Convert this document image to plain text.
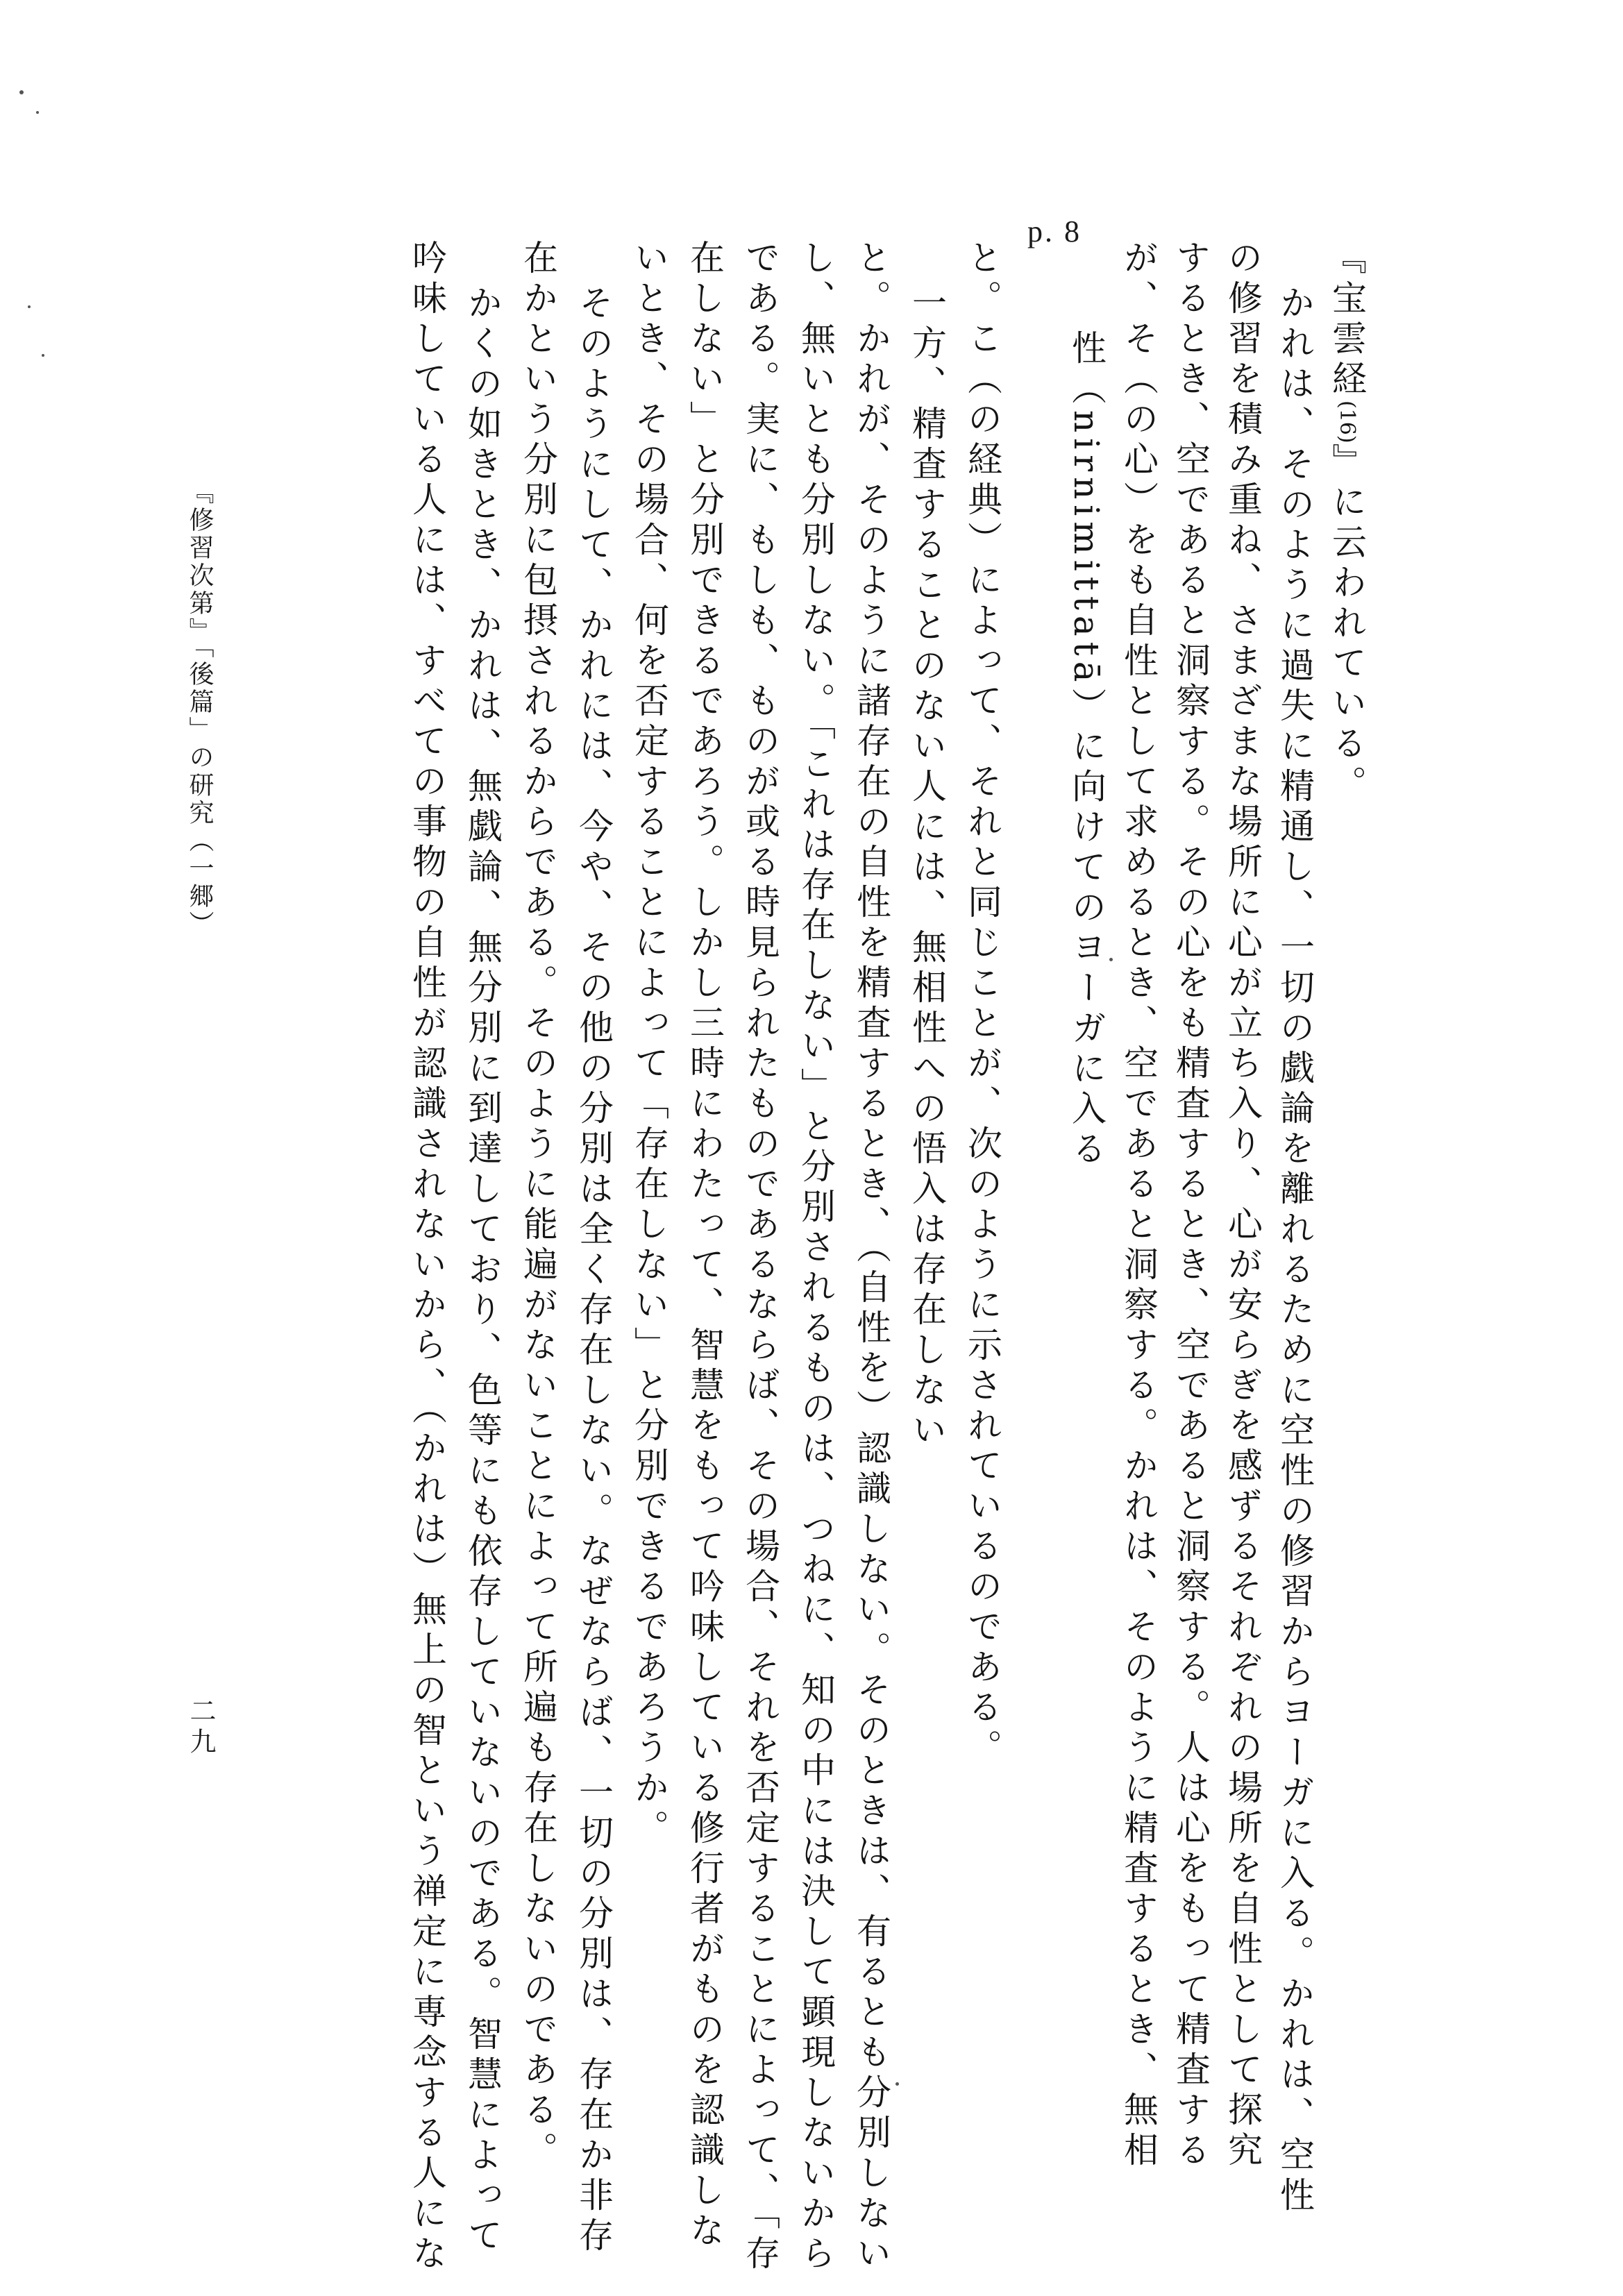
p. 8
『宝雲経(16)』に云われている。
かれは、そのように過失に精通し、一切の戯論を離れるために空性の修習からヨーガに入る。かれは、空性
の修習を積み重ね、さまざまな場所に心が立ち入り、心が安らぎを感ずるそれぞれの場所を自性として探究
するとき、空であると洞察する。その心をも精査するとき、空であると洞察する。人は心をもって精査する
が、そ（の心）をも自性として求めるとき、空であると洞察する。かれは、そのように精査するとき、無相
性（nirnimittatā）に向けてのヨーガに入る
と。こ（の経典）によって、それと同じことが、次のように示されているのである。
一方、精査することのない人には、無相性への悟入は存在しない
と。かれが、そのように諸存在の自性を精査するとき、（自性を）認識しない。そのときは、有るとも分別しない
し、無いとも分別しない。「これは存在しない」と分別されるものは、つねに、知の中には決して顕現しないから
である。実に、もしも、ものが或る時見られたものであるならば、その場合、それを否定することによって、「存
在しない」と分別できるであろう。しかし三時にわたって、智慧をもって吟味している修行者がものを認識しな
いとき、その場合、何を否定することによって「存在しない」と分別できるであろうか。
そのようにして、かれには、今や、その他の分別は全く存在しない。なぜならば、一切の分別は、存在か非存
在かという分別に包摂されるからである。そのように能遍がないことによって所遍も存在しないのである。
かくの如きとき、かれは、無戯論、無分別に到達しており、色等にも依存していないのである。智慧によって
吟味している人には、すべての事物の自性が認識されないから、（かれは）無上の智という禅定に専念する人にな
『修習次第』「後篇」の研究（一郷）
二九
